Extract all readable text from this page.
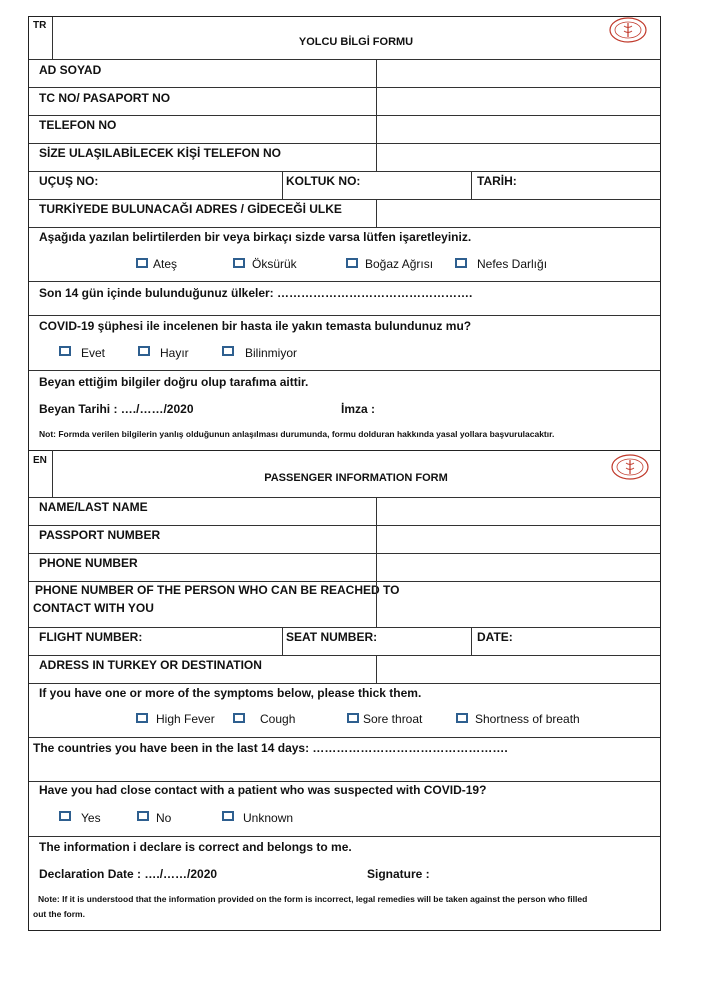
TR
YOLCU BİLGİ FORMU
AD SOYAD
TC NO/ PASAPORT NO
TELEFON NO
SİZE ULAŞILABİLECEK KİŞİ TELEFON NO
UÇUŞ NO:	KOLTUK NO:	TARİH:
TURKİYEDE BULUNACAĞI ADRES / GİDECEĞİ ULKE
Aşağıda yazılan belirtilerden bir veya birkaçı sizde varsa lütfen işaretleyiniz.
Ateş	Öksürük	Boğaz Ağrısı	Nefes Darlığı
Son 14 gün içinde bulunduğunuz ülkeler: ………………………………………….
COVID-19 şüphesi ile incelenen bir hasta ile yakın temasta bulundunuz mu?
Evet	Hayır	Bilinmiyor
Beyan ettiğim bilgiler doğru olup tarafıma aittir.
Beyan Tarihi : …./……/2020	İmza :
Not: Formda verilen bilgilerin yanlış olduğunun anlaşılması durumunda, formu dolduran hakkında yasal yollara başvurulacaktır.
EN
PASSENGER INFORMATION FORM
NAME/LAST NAME
PASSPORT NUMBER
PHONE NUMBER
PHONE NUMBER OF THE PERSON WHO CAN BE REACHED TO
CONTACT WITH YOU
FLIGHT NUMBER:	SEAT NUMBER:	DATE:
ADRESS IN TURKEY OR DESTINATION
If you have one or more of the symptoms below, please thick them.
High Fever	Cough	Sore throat	Shortness of breath
The countries you have been in the last 14 days: ………………………………………….
Have you had close contact with a patient who was suspected with COVID-19?
Yes	No	Unknown
The information i declare is correct and belongs to me.
Declaration Date : …./……/2020	Signature :
Note: If it is understood that the information provided on the form is incorrect, legal remedies will be taken against the person who filled
out the form.
